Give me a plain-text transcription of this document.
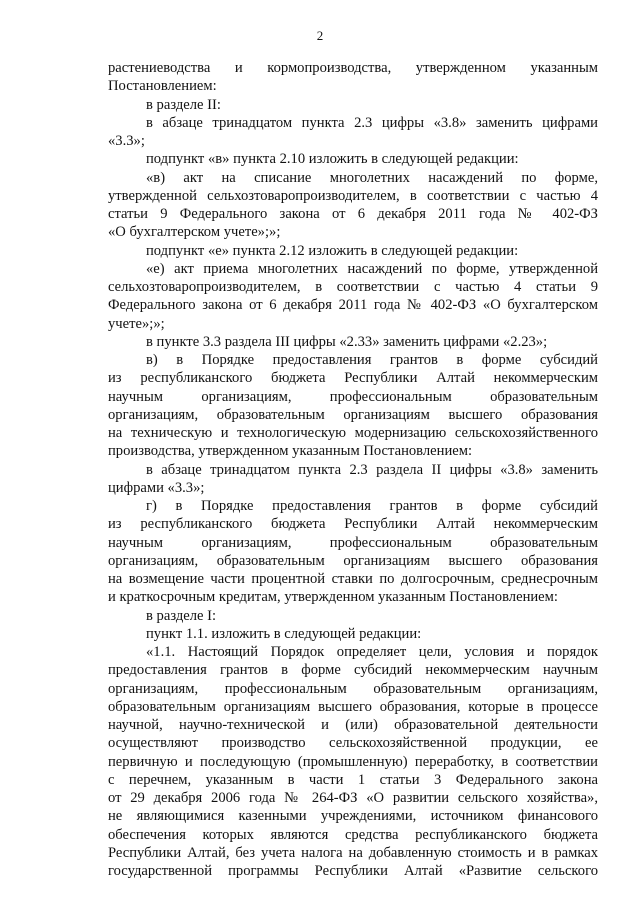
2
растениеводства и кормопроизводства, утвержденном указанным
Постановлением:
в разделе II:
в абзаце тринадцатом пункта 2.3 цифры «3.8» заменить цифрами
«3.3»;
подпункт «в» пункта 2.10 изложить в следующей редакции:
«в) акт на списание многолетних насаждений по форме,
утвержденной сельхозтоваропроизводителем, в соответствии с частью 4
статьи 9 Федерального закона от 6 декабря 2011 года № 402-ФЗ
«О бухгалтерском учете»;»;
подпункт «е» пункта 2.12 изложить в следующей редакции:
«е) акт приема многолетних насаждений по форме, утвержденной
сельхозтоваропроизводителем, в соответствии с частью 4 статьи 9
Федерального закона от 6 декабря 2011 года № 402-ФЗ «О бухгалтерском
учете»;»;
в пункте 3.3 раздела III цифры «2.33» заменить цифрами «2.23»;
в) в Порядке предоставления грантов в форме субсидий
из республиканского бюджета Республики Алтай некоммерческим
научным организациям, профессиональным образовательным
организациям, образовательным организациям высшего образования
на техническую и технологическую модернизацию сельскохозяйственного
производства, утвержденном указанным Постановлением:
в абзаце тринадцатом пункта 2.3 раздела II цифры «3.8» заменить
цифрами «3.3»;
г) в Порядке предоставления грантов в форме субсидий
из республиканского бюджета Республики Алтай некоммерческим
научным организациям, профессиональным образовательным
организациям, образовательным организациям высшего образования
на возмещение части процентной ставки по долгосрочным, среднесрочным
и краткосрочным кредитам, утвержденном указанным Постановлением:
в разделе I:
пункт 1.1. изложить в следующей редакции:
«1.1. Настоящий Порядок определяет цели, условия и порядок
предоставления грантов в форме субсидий некоммерческим научным
организациям, профессиональным образовательным организациям,
образовательным организациям высшего образования, которые в процессе
научной, научно-технической и (или) образовательной деятельности
осуществляют производство сельскохозяйственной продукции, ее
первичную и последующую (промышленную) переработку, в соответствии
с перечнем, указанным в части 1 статьи 3 Федерального закона
от 29 декабря 2006 года № 264-ФЗ «О развитии сельского хозяйства»,
не являющимися казенными учреждениями, источником финансового
обеспечения которых являются средства республиканского бюджета
Республики Алтай, без учета налога на добавленную стоимость и в рамках
государственной программы Республики Алтай «Развитие сельского
